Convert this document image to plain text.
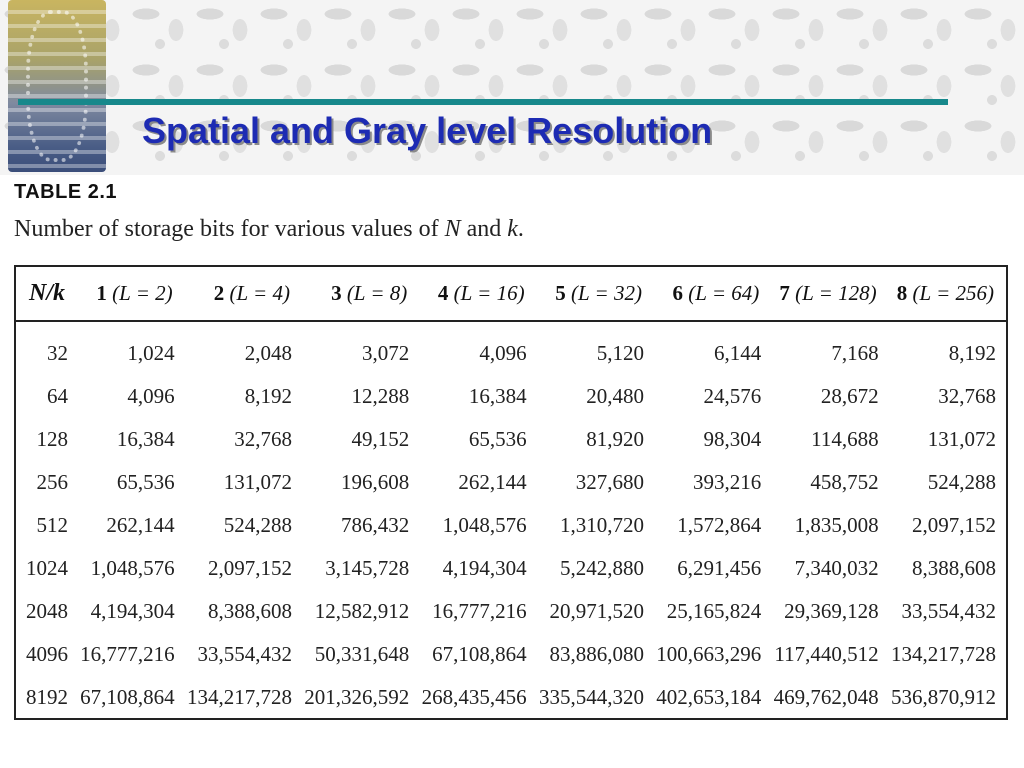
Spatial and Gray level Resolution
TABLE 2.1
Number of storage bits for various values of N and k.
N/k	1 (L = 2)	2 (L = 4)	3 (L = 8)	4 (L = 16)	5 (L = 32)	6 (L = 64)	7 (L = 128)	8 (L = 256)
32	1,024	2,048	3,072	4,096	5,120	6,144	7,168	8,192
64	4,096	8,192	12,288	16,384	20,480	24,576	28,672	32,768
128	16,384	32,768	49,152	65,536	81,920	98,304	114,688	131,072
256	65,536	131,072	196,608	262,144	327,680	393,216	458,752	524,288
512	262,144	524,288	786,432	1,048,576	1,310,720	1,572,864	1,835,008	2,097,152
1024	1,048,576	2,097,152	3,145,728	4,194,304	5,242,880	6,291,456	7,340,032	8,388,608
2048	4,194,304	8,388,608	12,582,912	16,777,216	20,971,520	25,165,824	29,369,128	33,554,432
4096	16,777,216	33,554,432	50,331,648	67,108,864	83,886,080	100,663,296	117,440,512	134,217,728
8192	67,108,864	134,217,728	201,326,592	268,435,456	335,544,320	402,653,184	469,762,048	536,870,912
